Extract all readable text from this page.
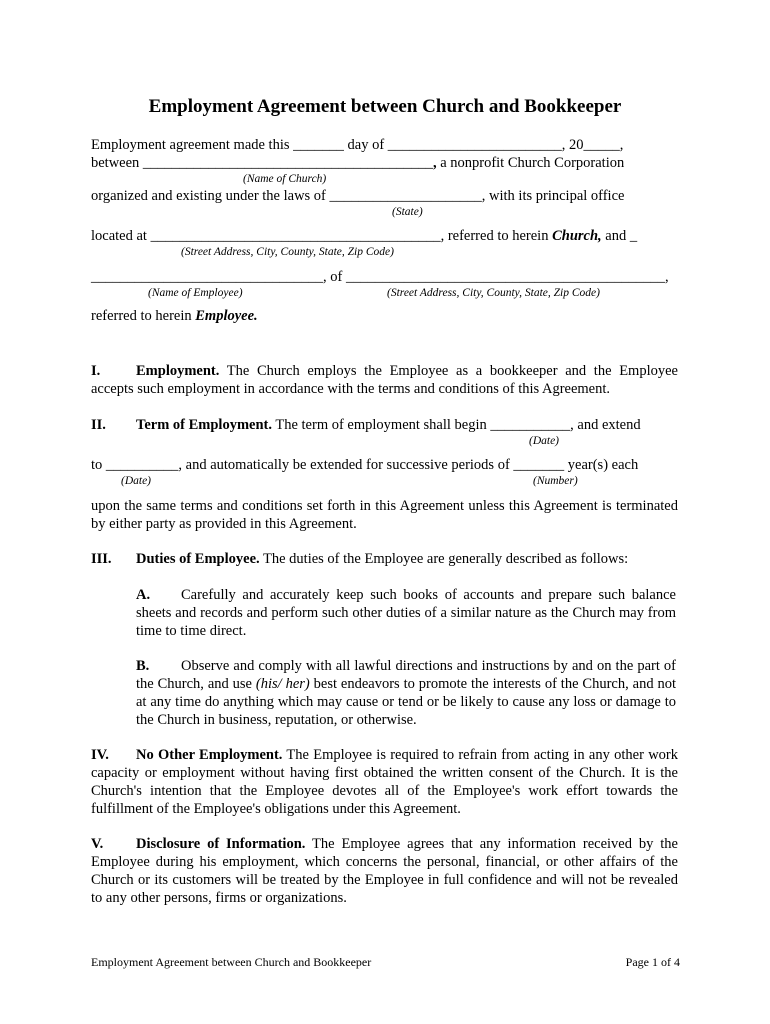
Employment Agreement between Church and Bookkeeper
Employment agreement made this _______ day of ________________________, 20_____,
between ________________________________________, a nonprofit Church Corporation
(Name of Church)
organized and existing under the laws of _____________________, with its principal office
(State)
located at ________________________________________, referred to herein Church, and _
(Street Address, City, County, State, Zip Code)
________________________________, of ____________________________________________,
(Name of Employee)	(Street Address, City, County, State, Zip Code)
referred to herein Employee.
I. Employment. The Church employs the Employee as a bookkeeper and the Employee accepts such employment in accordance with the terms and conditions of this Agreement.
II. Term of Employment. The term of employment shall begin ___________, and extend
(Date)
to __________, and automatically be extended for successive periods of _______ year(s) each
(Date)	(Number)
upon the same terms and conditions set forth in this Agreement unless this Agreement is terminated by either party as provided in this Agreement.
III. Duties of Employee. The duties of the Employee are generally described as follows:
A. Carefully and accurately keep such books of accounts and prepare such balance sheets and records and perform such other duties of a similar nature as the Church may from time to time direct.
B. Observe and comply with all lawful directions and instructions by and on the part of the Church, and use (his/ her) best endeavors to promote the interests of the Church, and not at any time do anything which may cause or tend or be likely to cause any loss or damage to the Church in business, reputation, or otherwise.
IV. No Other Employment. The Employee is required to refrain from acting in any other work capacity or employment without having first obtained the written consent of the Church. It is the Church's intention that the Employee devotes all of the Employee's work effort towards the fulfillment of the Employee's obligations under this Agreement.
V. Disclosure of Information. The Employee agrees that any information received by the Employee during his employment, which concerns the personal, financial, or other affairs of the Church or its customers will be treated by the Employee in full confidence and will not be revealed to any other persons, firms or organizations.
Employment Agreement between Church and Bookkeeper	Page 1 of 4
